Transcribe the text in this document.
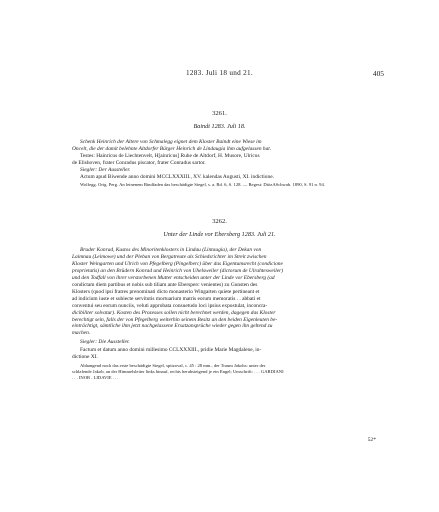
1283. Juli 18 und 21.	405
3261.
Baindt 1283. Juli 18.
Schenk Heinrich der Ältere von Schmalegg eignet dem Kloster Baindt eine Wiese im
Oncelt, die der damit belehnte Altdorfer Bürger Heinrich de Lindaugia ihm aufgelassen hat.
Testes: Hainricus de Liechtenvelt, H[ainricus] Ruhe de Altdorf, H. Musore, Ulricus
de Elishoven, frater Conradus piscator, frater Conradus sartor.
Siegler: Der Aussteller.
Actum apud Biwende anno domini MCCLXXXIII., XV. kalendas Augusti, XI. indictione.
Wolfegg. Orig. Perg. An leinenem Bindfaden das beschädigte Siegel, s. a. Bd. 6, S. 128. — Regest: DiözASchwab. 1890, S. 91 n. 94.
3262.
Unter der Linde vor Ebersberg 1283. Juli 21.
Bruder Konrad, Kustos des Minoritenklosters in Lindau (Lintaugia), der Dekan von
Laimnau (Leimowe) und der Pleban von Bergatreute als Schiedsrichter im Streit zwischen
Kloster Weingarten und Ulrich von Pfegelberg (Pingelberc) über das Eigentumsrecht (condicione
proprietatis) an den Brüdern Konrad und Heinrich von Uhelsweiler (dictorum de Ulrahtesweiler)
und den Todfall von ihrer verstorbenen Mutter entscheiden unter der Linde vor Ebersberg (ad
condictam diem partibus et nobis sub tiliam ante Ebersperc venientes) zu Gunsten des
Klosters (quod ipsi fratres prenominati dicto monasterio Wingarten quiete pertineant et
ad indicium iuste et subiecte servitutis mortuarium matris eorum memoratis . . abbati et
conventui seu eorum nunciis, veluti approbata consuetudo loci ipsius expostulat, inconcra-
dicibiliter solvatur). Kosten des Prozesses sollen nicht berechnet werden, dagegen das Kloster
berechtigt sein, falls der von Pfegelberg weiterhin seinem Besitz an den beiden Eigenleuten be-
einträchtigt, sämtliche ihm jetzt nachgelassene Ersatzansprüche wieder gegen ihn geltend zu
machen.
Siegler: Die Aussteller.
Factum et datum anno domini millesimo CCLXXXIII., pridie Marie Magdalene, in-
dictione XI.
Abhangend noch das erste beschädigte Siegel, spitzoval, c. 45 : 28 mm., der Traum Jakobs: unter der
schlafende Jakob, an der Himmelsleiter links hinauf, rechts herabsteigend je ein Engel; Umschrift: . . . GARDIANI
. . . INOR . LIDAVIE . . .
52*
